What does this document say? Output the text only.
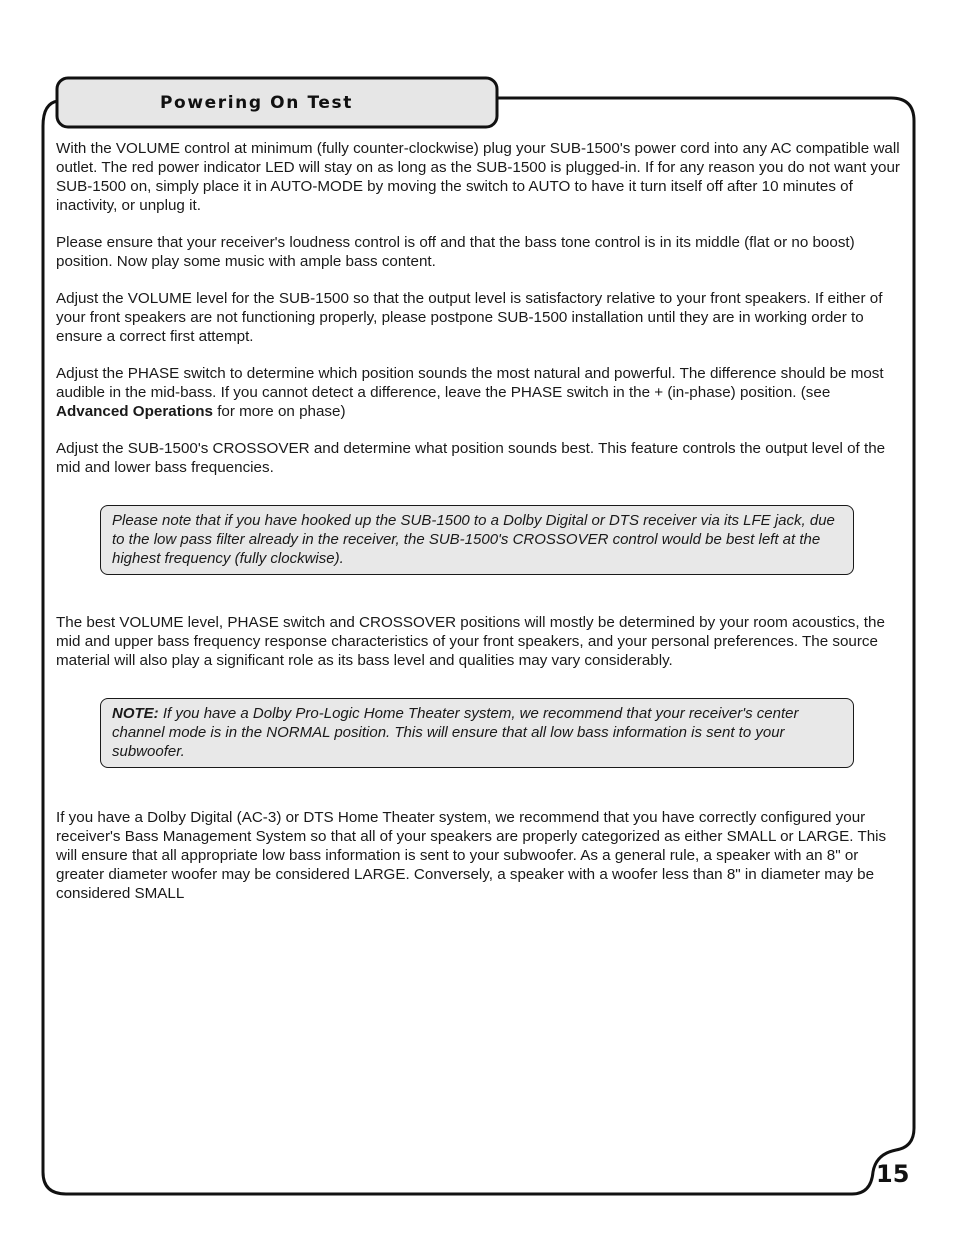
Powering On Test

With the VOLUME control at minimum (fully counter-clockwise) plug your SUB-1500's power cord into any AC compatible wall outlet. The red power indicator LED will stay on as long as the SUB-1500 is plugged-in. If for any reason you do not want your SUB-1500 on, simply place it in AUTO-MODE by moving the switch to AUTO to have it turn itself off after 10 minutes of inactivity, or unplug it.

Please ensure that your receiver's loudness control is off and that the bass tone control is in its middle (flat or no boost) position. Now play some music with ample bass content.

Adjust the VOLUME level for the SUB-1500 so that the output level is satisfactory relative to your front speakers. If either of your front speakers are not functioning properly, please postpone SUB-1500 installation until they are in working order to ensure a correct first attempt.

Adjust the PHASE switch to determine which position sounds the most natural and powerful. The difference should be most audible in the mid-bass. If you cannot detect a difference, leave the PHASE switch in the + (in-phase) position. (see Advanced Operations for more on phase)

Adjust the SUB-1500's CROSSOVER and determine what position sounds best. This feature controls the output level of the mid and lower bass frequencies.

Please note that if you have hooked up the SUB-1500 to a Dolby Digital or DTS receiver via its LFE jack, due to the low pass filter already in the receiver, the SUB-1500's CROSSOVER control would be best left at the highest frequency (fully clockwise).

The best VOLUME level, PHASE switch and CROSSOVER positions will mostly be determined by your room acoustics, the mid and upper bass frequency response characteristics of your front speakers, and your personal preferences. The source material will also play a significant role as its bass level and qualities may vary considerably.

NOTE: If you have a Dolby Pro-Logic Home Theater system, we recommend that your receiver's center channel mode is in the NORMAL position. This will ensure that all low bass information is sent to your subwoofer.

If you have a Dolby Digital (AC-3) or DTS Home Theater system, we recommend that you have correctly configured your receiver's Bass Management System so that all of your speakers are properly categorized as either SMALL or LARGE. This will ensure that all appropriate low bass information is sent to your subwoofer. As a general rule, a speaker with an 8" or greater diameter woofer may be considered LARGE. Conversely, a speaker with a woofer less than 8" in diameter may be considered SMALL

15
